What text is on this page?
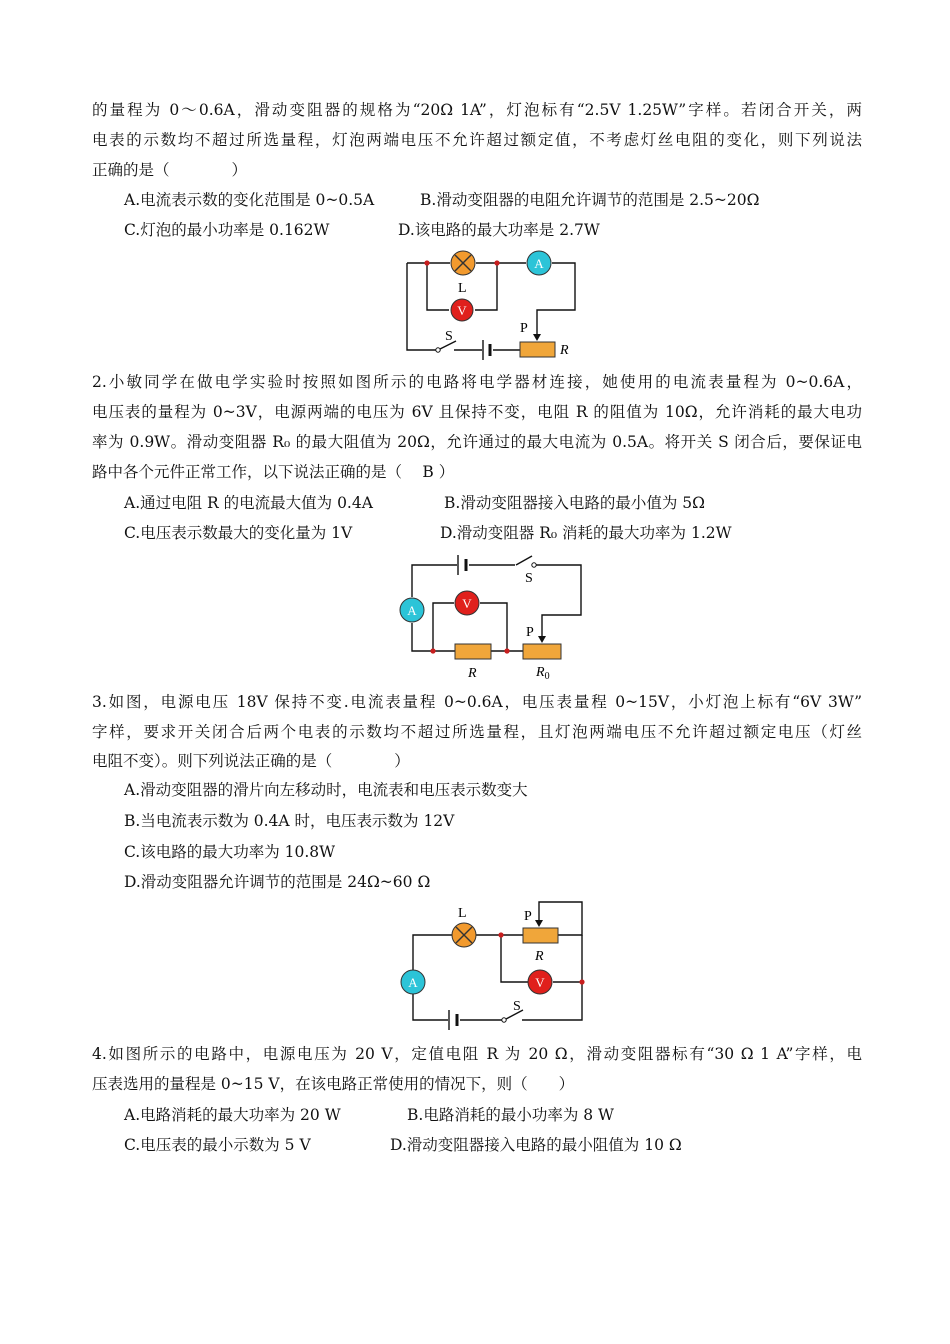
的量程为 0～0.6A，滑动变阻器的规格为“20Ω 1A”，灯泡标有“2.5V 1.25W”字样。若闭合开关，两
电表的示数均不超过所选量程，灯泡两端电压不允许超过额定值，不考虑灯丝电阻的变化，则下列说法
正确的是（　　　　）
A.电流表示数的变化范围是 0~0.5A	B.滑动变阻器的电阻允许调节的范围是 2.5~20Ω
C.灯泡的最小功率是 0.162W	D.该电路的最大功率是 2.7W
L
V
A
S
P
R
2.小敏同学在做电学实验时按照如图所示的电路将电学器材连接，她使用的电流表量程为 0~0.6A，
电压表的量程为 0~3V，电源两端的电压为 6V 且保持不变，电阻 R 的阻值为 10Ω，允许消耗的最大电功
率为 0.9W。滑动变阻器 R₀ 的最大阻值为 20Ω，允许通过的最大电流为 0.5A。将开关 S 闭合后，要保证电
路中各个元件正常工作，以下说法正确的是（　 B ）
A.通过电阻 R 的电流最大值为 0.4A	B.滑动变阻器接入电路的最小值为 5Ω
C.电压表示数最大的变化量为 1V	D.滑动变阻器 R₀ 消耗的最大功率为 1.2W
S
A	V
R
P
$R_0$
3.如图，电源电压 18V 保持不变.电流表量程 0~0.6A，电压表量程 0~15V，小灯泡上标有“6V 3W”
字样，要求开关闭合后两个电表的示数均不超过所选量程，且灯泡两端电压不允许超过额定电压（灯丝
电阻不变）。则下列说法正确的是（　　　　）
A.滑动变阻器的滑片向左移动时，电流表和电压表示数变大
B.当电流表示数为 0.4A 时，电压表示数为 12V
C.该电路的最大功率为 10.8W
D.滑动变阻器允许调节的范围是 24Ω~60 Ω
L	P
R
V
A
S
4.如图所示的电路中，电源电压为 20 V，定值电阻 R 为 20 Ω，滑动变阻器标有“30 Ω 1 A”字样，电
压表选用的量程是 0~15 V，在该电路正常使用的情况下，则（　　）
A.电路消耗的最大功率为 20 W	B.电路消耗的最小功率为 8 W
C.电压表的最小示数为 5 V	D.滑动变阻器接入电路的最小阻值为 10 Ω
